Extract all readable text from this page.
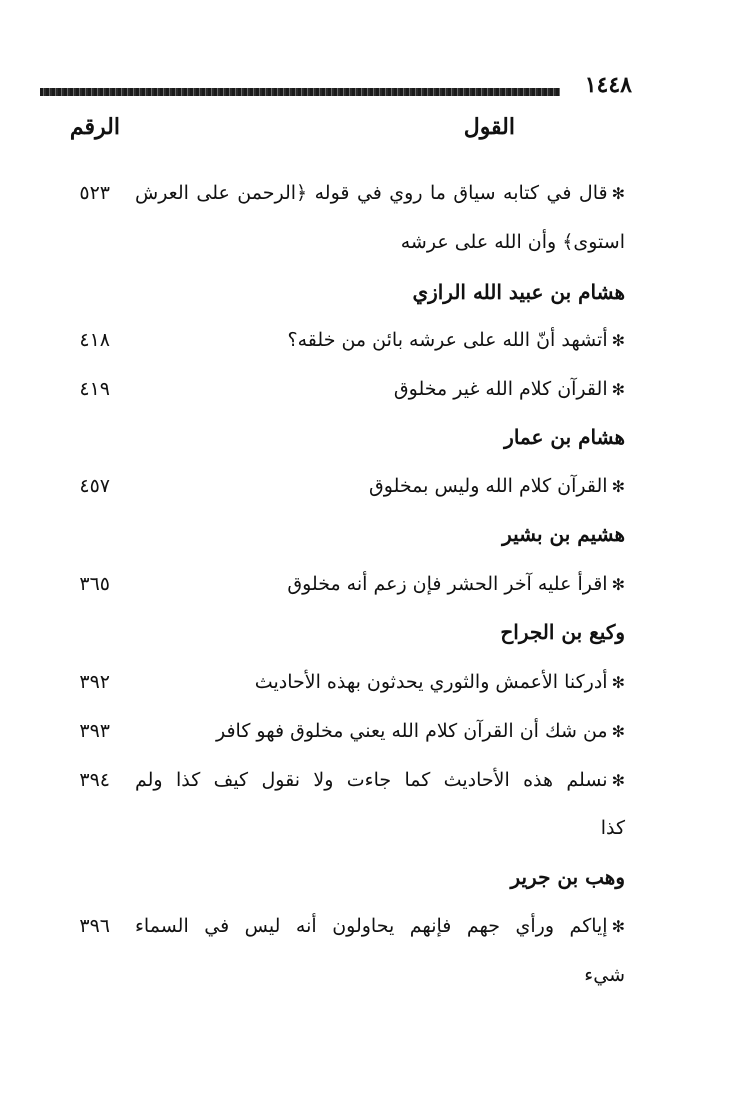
١٤٤٨
القول
الرقم
✻قال في كتابه سياق ما روي في قوله ﴿الرحمن على العرش
٥٢٣
استوى﴾ وأن الله على عرشه
هشام بن عبيد الله الرازي
✻أتشهد أنّ الله على عرشه بائن من خلقه؟
٤١٨
✻القرآن كلام الله غير مخلوق
٤١٩
هشام بن عمار
✻القرآن كلام الله وليس بمخلوق
٤٥٧
هشيم بن بشير
✻اقرأ عليه آخر الحشر فإن زعم أنه مخلوق
٣٦٥
وكيع بن الجراح
✻أدركنا الأعمش والثوري يحدثون بهذه الأحاديث
٣٩٢
✻من شك أن القرآن كلام الله يعني مخلوق فهو كافر
٣٩٣
✻نسلم هذه الأحاديث كما جاءت ولا نقول كيف كذا ولم
٣٩٤
كذا
وهب بن جرير
✻إياكم ورأي جهم فإنهم يحاولون أنه ليس في السماء
٣٩٦
شيء
